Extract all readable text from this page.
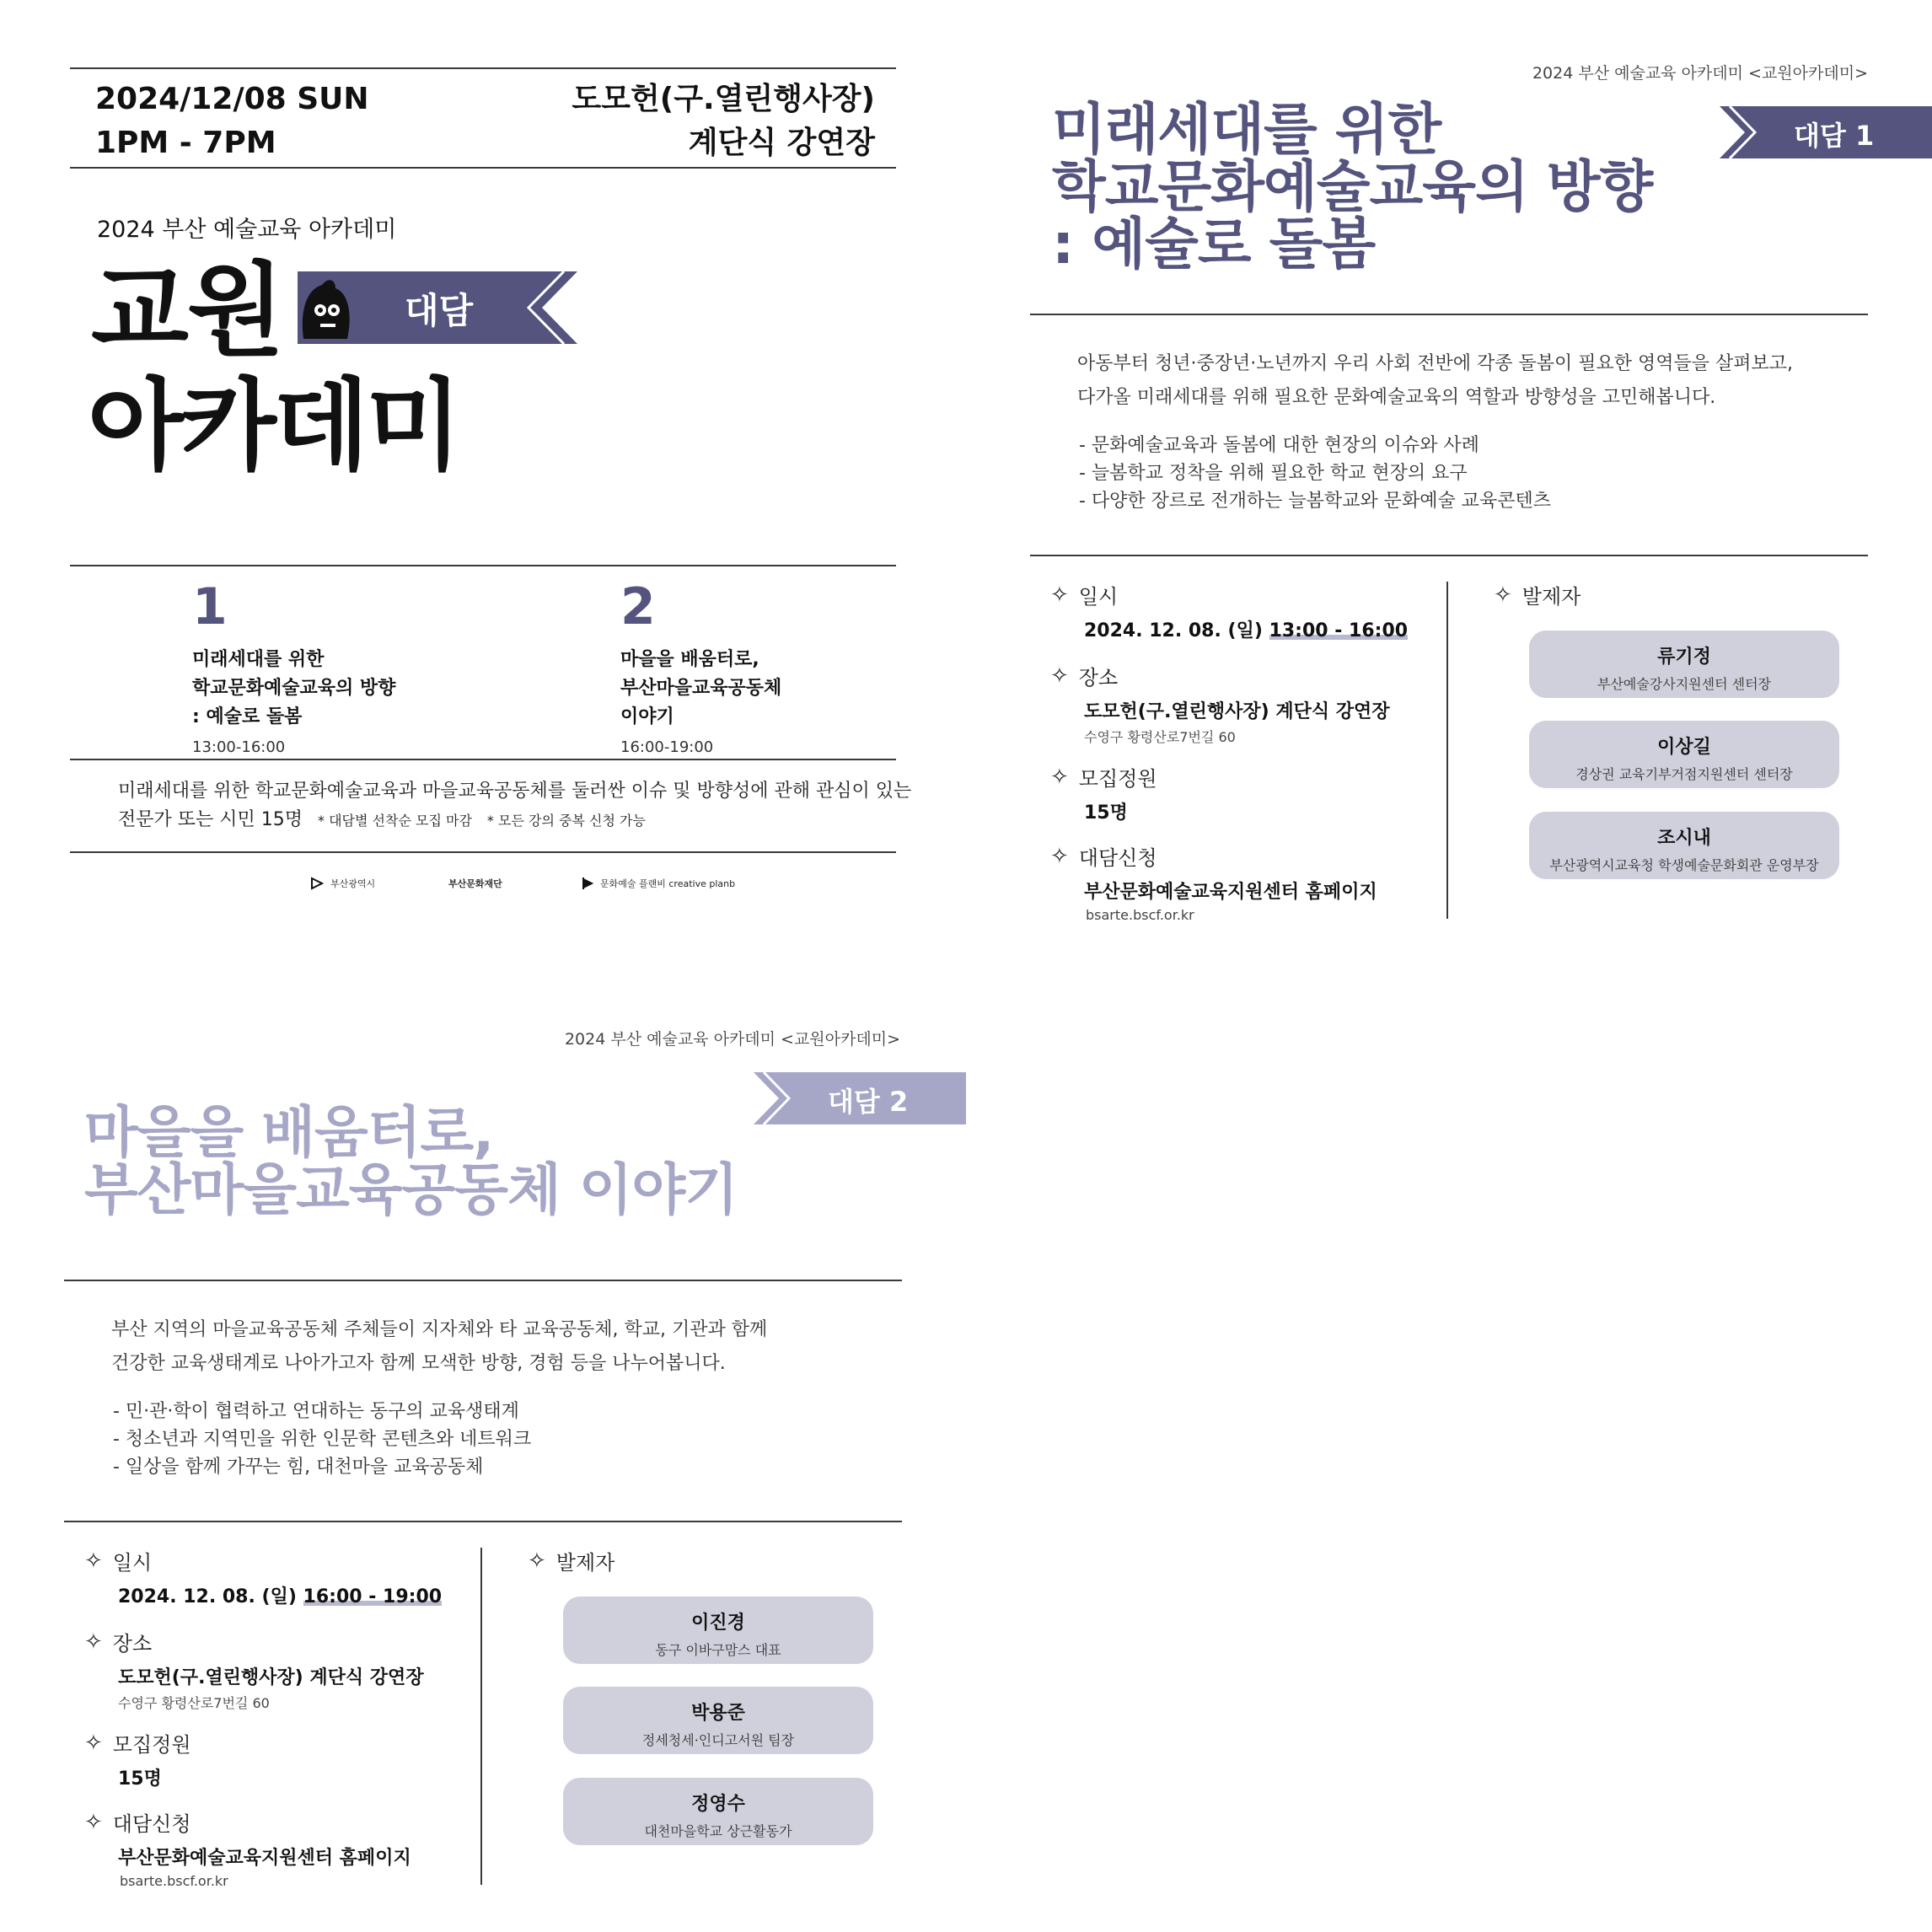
2024/12/08 SUN
1PM - 7PM
도모헌(구.열린행사장)
계단식 강연장
2024 부산 예술교육 아카데미
교원
아카데미
대담
1
미래세대를 위한
학교문화예술교육의 방향
: 예술로 돌봄
13:00-16:00
2
마을을 배움터로,
부산마을교육공동체
이야기
16:00-19:00
미래세대를 위한 학교문화예술교육과 마을교육공동체를 둘러싼 이슈 및 방향성에 관해 관심이 있는
전문가 또는 시민 15명 * 대담별 선착순 모집 마감 * 모든 강의 중복 신청 가능
부산광역시	부산문화재단	문화예술 플랜비 creative planb
2024 부산 예술교육 아카데미 <교원아카데미>
미래세대를 위한
학교문화예술교육의 방향
: 예술로 돌봄
대담 1
아동부터 청년·중장년·노년까지 우리 사회 전반에 각종 돌봄이 필요한 영역들을 살펴보고,
다가올 미래세대를 위해 필요한 문화예술교육의 역할과 방향성을 고민해봅니다.
- 문화예술교육과 돌봄에 대한 현장의 이슈와 사례
- 늘봄학교 정착을 위해 필요한 학교 현장의 요구
- 다양한 장르로 전개하는 늘봄학교와 문화예술 교육콘텐츠
✧ 일시
2024. 12. 08. (일) 13:00 - 16:00
✧ 장소
도모헌(구.열린행사장) 계단식 강연장
수영구 황령산로7번길 60
✧ 모집정원
15명
✧ 대담신청
부산문화예술교육지원센터 홈페이지
bsarte.bscf.or.kr
✧ 발제자
류기정
부산예술강사지원센터 센터장
이상길
경상권 교육기부거점지원센터 센터장
조시내
부산광역시교육청 학생예술문화회관 운영부장
2024 부산 예술교육 아카데미 <교원아카데미>
대담 2
마을을 배움터로,
부산마을교육공동체 이야기
부산 지역의 마을교육공동체 주체들이 지자체와 타 교육공동체, 학교, 기관과 함께
건강한 교육생태계로 나아가고자 함께 모색한 방향, 경험 등을 나누어봅니다.
- 민·관·학이 협력하고 연대하는 동구의 교육생태계
- 청소년과 지역민을 위한 인문학 콘텐츠와 네트워크
- 일상을 함께 가꾸는 힘, 대천마을 교육공동체
✧ 일시
2024. 12. 08. (일) 16:00 - 19:00
✧ 장소
도모헌(구.열린행사장) 계단식 강연장
수영구 황령산로7번길 60
✧ 모집정원
15명
✧ 대담신청
부산문화예술교육지원센터 홈페이지
bsarte.bscf.or.kr
✧ 발제자
이진경
동구 이바구맘스 대표
박용준
정세청세·인디고서원 팀장
정영수
대천마을학교 상근활동가
